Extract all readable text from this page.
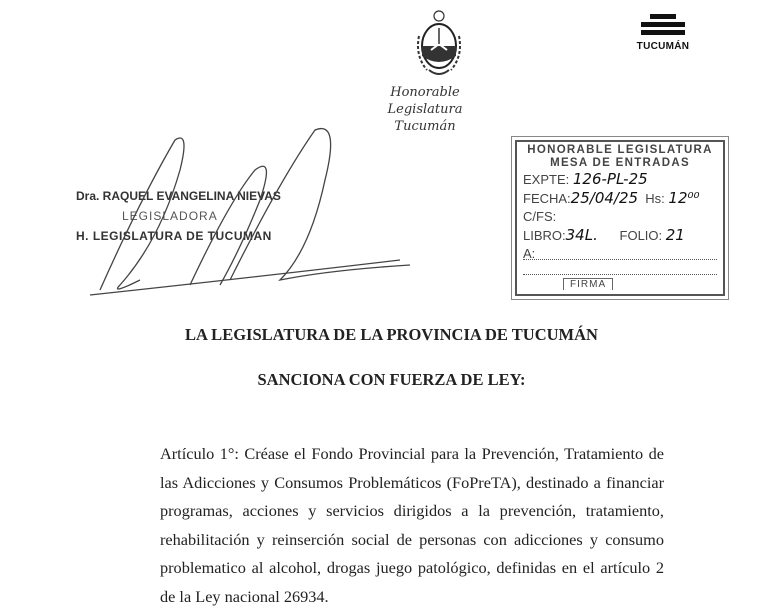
Honorable Legislatura
Tucumán
TUCUMÁN
Dra. RAQUEL EVANGELINA NIEVAS
LEGISLADORA
H. LEGISLATURA DE TUCUMAN
HONORABLE LEGISLATURA
MESA DE ENTRADAS
EXPTE: 126-PL-25
FECHA:25/04/25 Hs: 12⁰⁰
C/FS:
LIBRO:34L. FOLIO: 21
A:
FIRMA
LA LEGISLATURA DE LA PROVINCIA DE TUCUMÁN
SANCIONA CON FUERZA DE LEY:
Artículo 1°: Créase el Fondo Provincial para la Prevención, Tratamiento de las Adicciones y Consumos Problemáticos (FoPreTA), destinado a financiar programas, acciones y servicios dirigidos a la prevención, tratamiento, rehabilitación y reinserción social de personas con adicciones y consumo problematico al alcohol, drogas juego patológico, definidas en el artículo 2 de la Ley nacional 26934.
